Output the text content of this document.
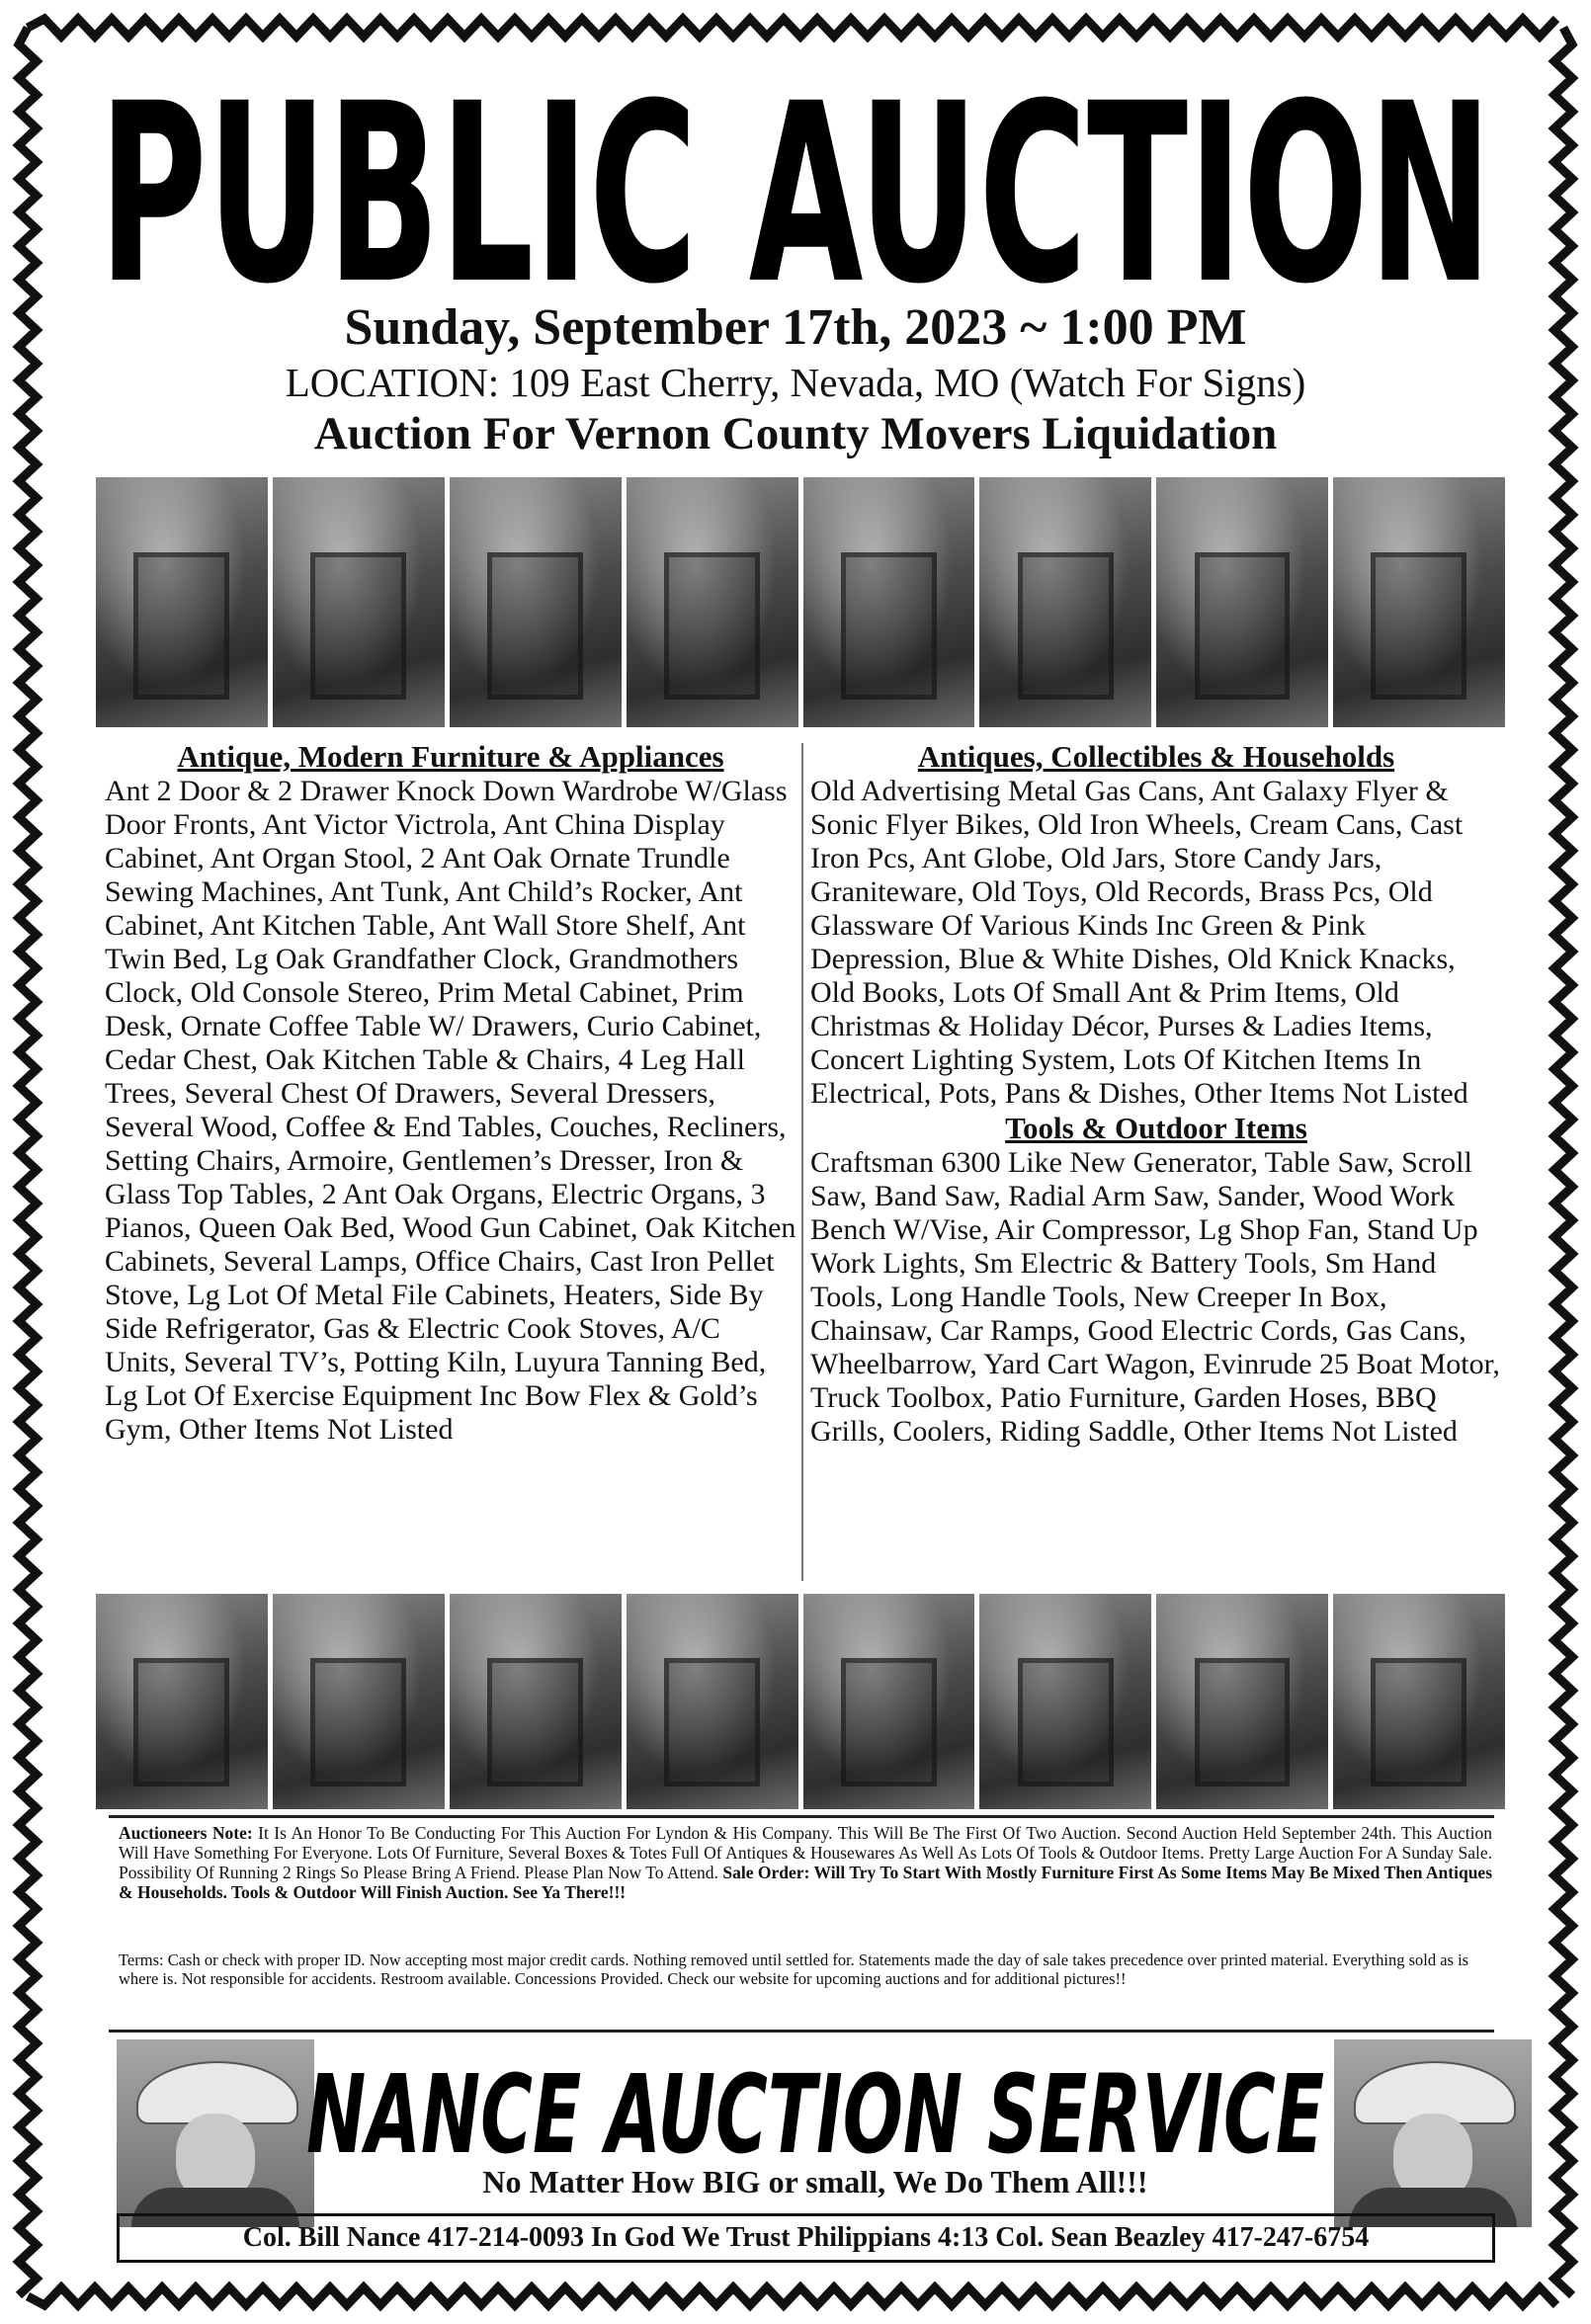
PUBLIC AUCTION
Sunday, September 17th, 2023 ~ 1:00 PM
LOCATION: 109 East Cherry, Nevada, MO (Watch For Signs)
Auction For Vernon County Movers Liquidation
Antique, Modern Furniture & Appliances

Ant 2 Door & 2 Drawer Knock Down Wardrobe W/Glass Door Fronts, Ant Victor Victrola, Ant China Display Cabinet, Ant Organ Stool, 2 Ant Oak Ornate Trundle Sewing Machines, Ant Tunk, Ant Child’s Rocker, Ant Cabinet, Ant Kitchen Table, Ant Wall Store Shelf, Ant Twin Bed, Lg Oak Grandfather Clock, Grandmothers Clock, Old Console Stereo, Prim Metal Cabinet, Prim Desk, Ornate Coffee Table W/ Drawers, Curio Cabinet, Cedar Chest, Oak Kitchen Table & Chairs, 4 Leg Hall Trees, Several Chest Of Drawers, Several Dressers, Several Wood, Coffee & End Tables, Couches, Recliners, Setting Chairs, Armoire, Gentlemen’s Dresser, Iron & Glass Top Tables, 2 Ant Oak Organs, Electric Organs, 3 Pianos, Queen Oak Bed, Wood Gun Cabinet, Oak Kitchen Cabinets, Several Lamps, Office Chairs, Cast Iron Pellet Stove, Lg Lot Of Metal File Cabinets, Heaters, Side By Side Refrigerator, Gas & Electric Cook Stoves, A/C Units, Several TV’s, Potting Kiln, Luyura Tanning Bed, Lg Lot Of Exercise Equipment Inc Bow Flex & Gold’s Gym, Other Items Not Listed

Antiques, Collectibles & Households

Old Advertising Metal Gas Cans, Ant Galaxy Flyer & Sonic Flyer Bikes, Old Iron Wheels, Cream Cans, Cast Iron Pcs, Ant Globe, Old Jars, Store Candy Jars, Graniteware, Old Toys, Old Records, Brass Pcs, Old Glassware Of Various Kinds Inc Green & Pink Depression, Blue & White Dishes, Old Knick Knacks, Old Books, Lots Of Small Ant & Prim Items, Old Christmas & Holiday Décor, Purses & Ladies Items, Concert Lighting System, Lots Of Kitchen Items In Electrical, Pots, Pans & Dishes, Other Items Not Listed

Tools & Outdoor Items

Craftsman 6300 Like New Generator, Table Saw, Scroll Saw, Band Saw, Radial Arm Saw, Sander, Wood Work Bench W/Vise, Air Compressor, Lg Shop Fan, Stand Up Work Lights, Sm Electric & Battery Tools, Sm Hand Tools, Long Handle Tools, New Creeper In Box, Chainsaw, Car Ramps, Good Electric Cords, Gas Cans, Wheelbarrow, Yard Cart Wagon, Evinrude 25 Boat Motor, Truck Toolbox, Patio Furniture, Garden Hoses, BBQ Grills, Coolers, Riding Saddle, Other Items Not Listed

Auctioneers Note: It Is An Honor To Be Conducting For This Auction For Lyndon & His Company. This Will Be The First Of Two Auction. Second Auction Held September 24th. This Auction Will Have Something For Everyone. Lots Of Furniture, Several Boxes & Totes Full Of Antiques & Housewares As Well As Lots Of Tools & Outdoor Items. Pretty Large Auction For A Sunday Sale. Possibility Of Running 2 Rings So Please Bring A Friend. Please Plan Now To Attend. Sale Order: Will Try To Start With Mostly Furniture First As Some Items May Be Mixed Then Antiques & Households. Tools & Outdoor Will Finish Auction. See Ya There!!!
Terms: Cash or check with proper ID. Now accepting most major credit cards. Nothing removed until settled for. Statements made the day of sale takes precedence over printed material. Everything sold as is where is. Not responsible for accidents. Restroom available. Concessions Provided. Check our website for upcoming auctions and for additional pictures!!
NANCE AUCTION SERVICE
No Matter How BIG or small, We Do Them All!!!
Col. Bill Nance 417-214-0093 In God We Trust Philippians 4:13 Col. Sean Beazley 417-247-6754
